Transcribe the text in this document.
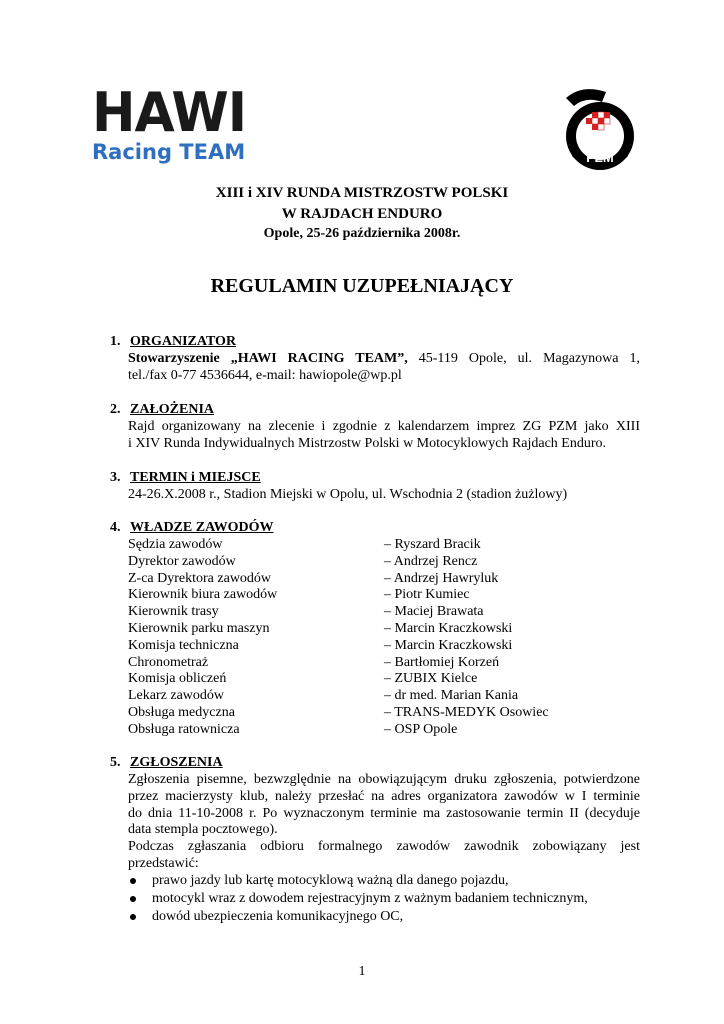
HAWI
Racing TEAM	PZM
XIII i XIV RUNDA MISTRZOSTW POLSKI
W RAJDACH ENDURO
Opole, 25-26 października 2008r.
REGULAMIN UZUPEŁNIAJĄCY
1. ORGANIZATOR
Stowarzyszenie „HAWI RACING TEAM”, 45-119 Opole, ul. Magazynowa 1,
tel./fax 0-77 4536644, e-mail: hawiopole@wp.pl
2. ZAŁOŻENIA
Rajd organizowany na zlecenie i zgodnie z kalendarzem imprez ZG PZM jako XIII
i XIV Runda Indywidualnych Mistrzostw Polski w Motocyklowych Rajdach Enduro.
3. TERMIN i MIEJSCE
24-26.X.2008 r., Stadion Miejski w Opolu, ul. Wschodnia 2 (stadion żużlowy)
4. WŁADZE ZAWODÓW
Sędzia zawodów	– Ryszard Bracik
Dyrektor zawodów	– Andrzej Rencz
Z-ca Dyrektora zawodów	– Andrzej Hawryluk
Kierownik biura zawodów	– Piotr Kumiec
Kierownik trasy	– Maciej Brawata
Kierownik parku maszyn	– Marcin Kraczkowski
Komisja techniczna	– Marcin Kraczkowski
Chronometraż	– Bartłomiej Korzeń
Komisja obliczeń	– ZUBIX Kielce
Lekarz zawodów	– dr med. Marian Kania
Obsługa medyczna	– TRANS-MEDYK Osowiec
Obsługa ratownicza	– OSP Opole
5. ZGŁOSZENIA
Zgłoszenia pisemne, bezwzględnie na obowiązującym druku zgłoszenia, potwierdzone
przez macierzysty klub, należy przesłać na adres organizatora zawodów w I terminie
do dnia 11-10-2008 r. Po wyznaczonym terminie ma zastosowanie termin II (decyduje
data stempla pocztowego).
Podczas zgłaszania odbioru formalnego zawodów zawodnik zobowiązany jest
przedstawić:
prawo jazdy lub kartę motocyklową ważną dla danego pojazdu,
motocykl wraz z dowodem rejestracyjnym z ważnym badaniem technicznym,
dowód ubezpieczenia komunikacyjnego OC,
1
